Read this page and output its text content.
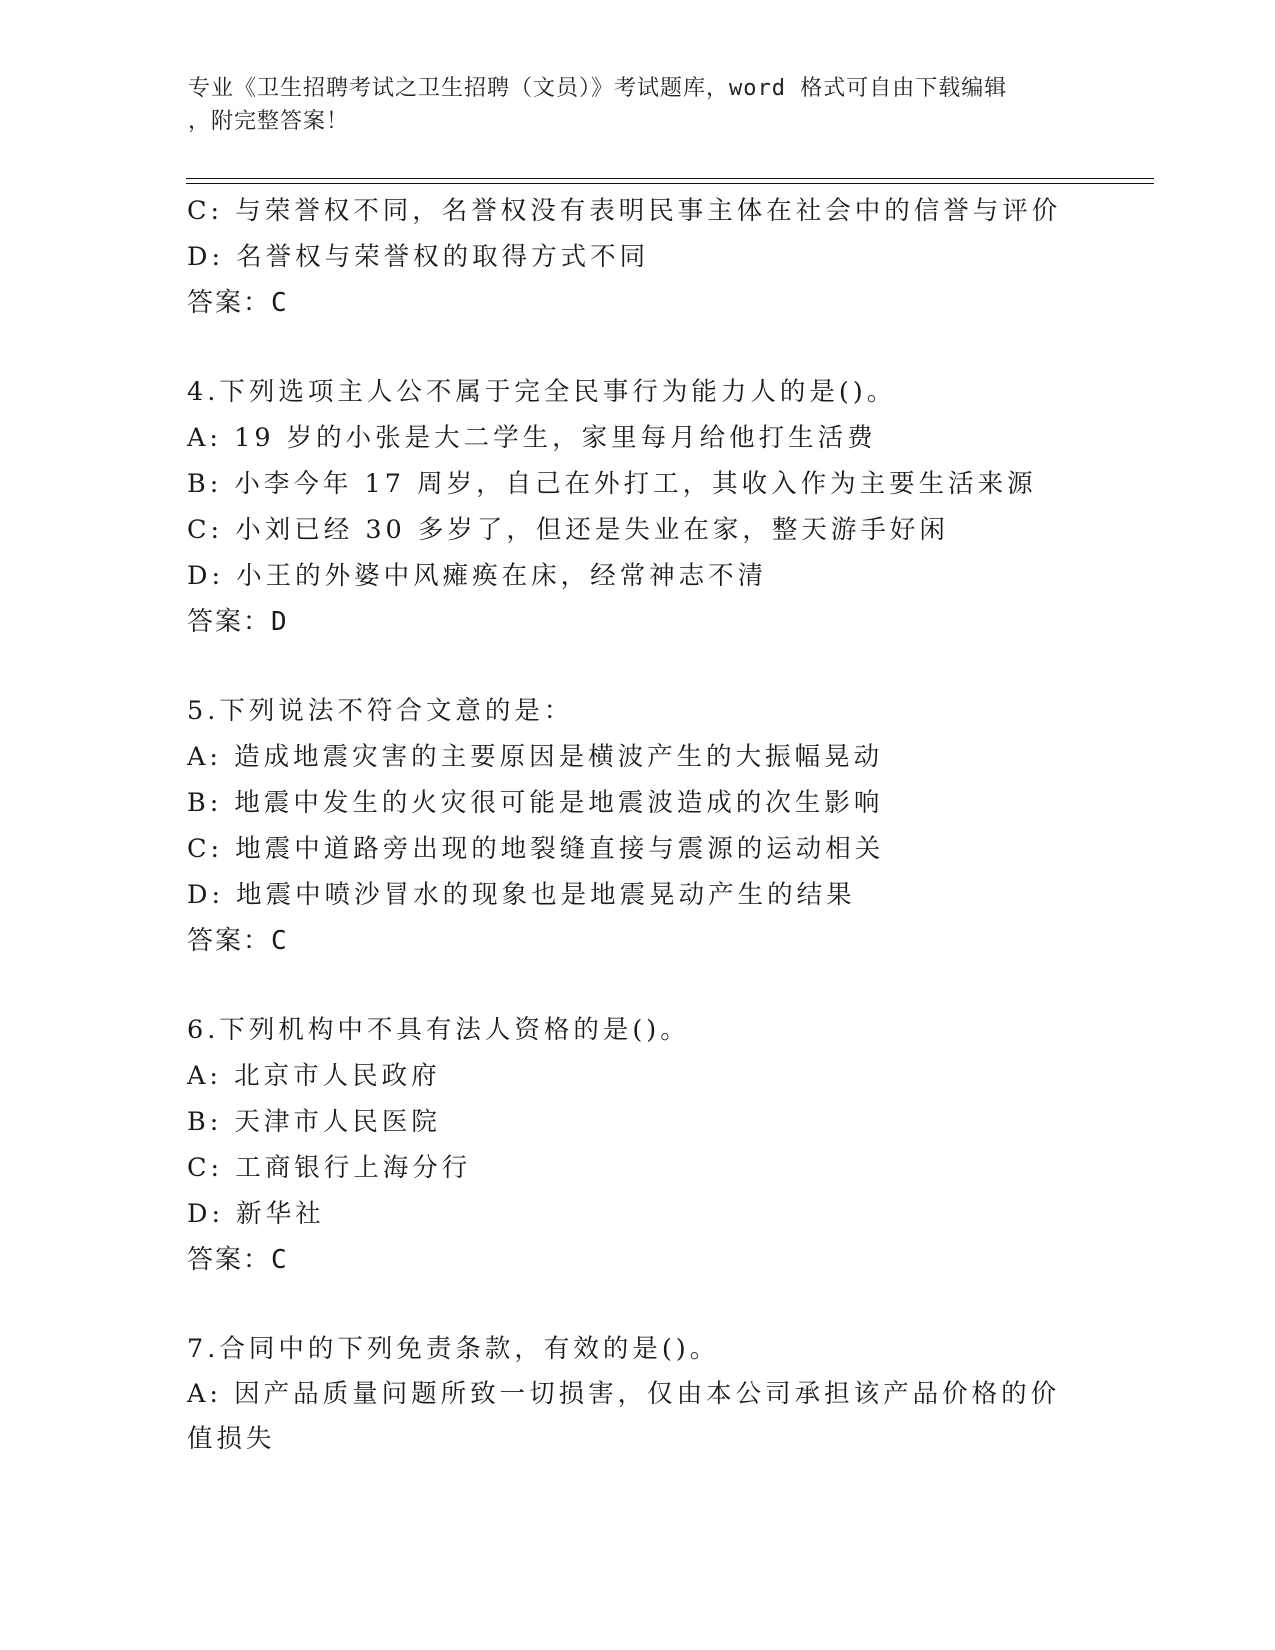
专业《卫生招聘考试之卫生招聘（文员）》考试题库，word 格式可自由下载编辑
，附完整答案！
C: 与荣誉权不同，名誉权没有表明民事主体在社会中的信誉与评价
D: 名誉权与荣誉权的取得方式不同
答案：C
4.下列选项主人公不属于完全民事行为能力人的是()。
A: 19 岁的小张是大二学生，家里每月给他打生活费
B: 小李今年 17 周岁，自己在外打工，其收入作为主要生活来源
C: 小刘已经 30 多岁了，但还是失业在家，整天游手好闲
D: 小王的外婆中风瘫痪在床，经常神志不清
答案：D
5.下列说法不符合文意的是：
A: 造成地震灾害的主要原因是横波产生的大振幅晃动
B: 地震中发生的火灾很可能是地震波造成的次生影响
C: 地震中道路旁出现的地裂缝直接与震源的运动相关
D: 地震中喷沙冒水的现象也是地震晃动产生的结果
答案：C
6.下列机构中不具有法人资格的是()。
A: 北京市人民政府
B: 天津市人民医院
C: 工商银行上海分行
D: 新华社
答案：C
7.合同中的下列免责条款，有效的是()。
A: 因产品质量问题所致一切损害，仅由本公司承担该产品价格的价值损失
